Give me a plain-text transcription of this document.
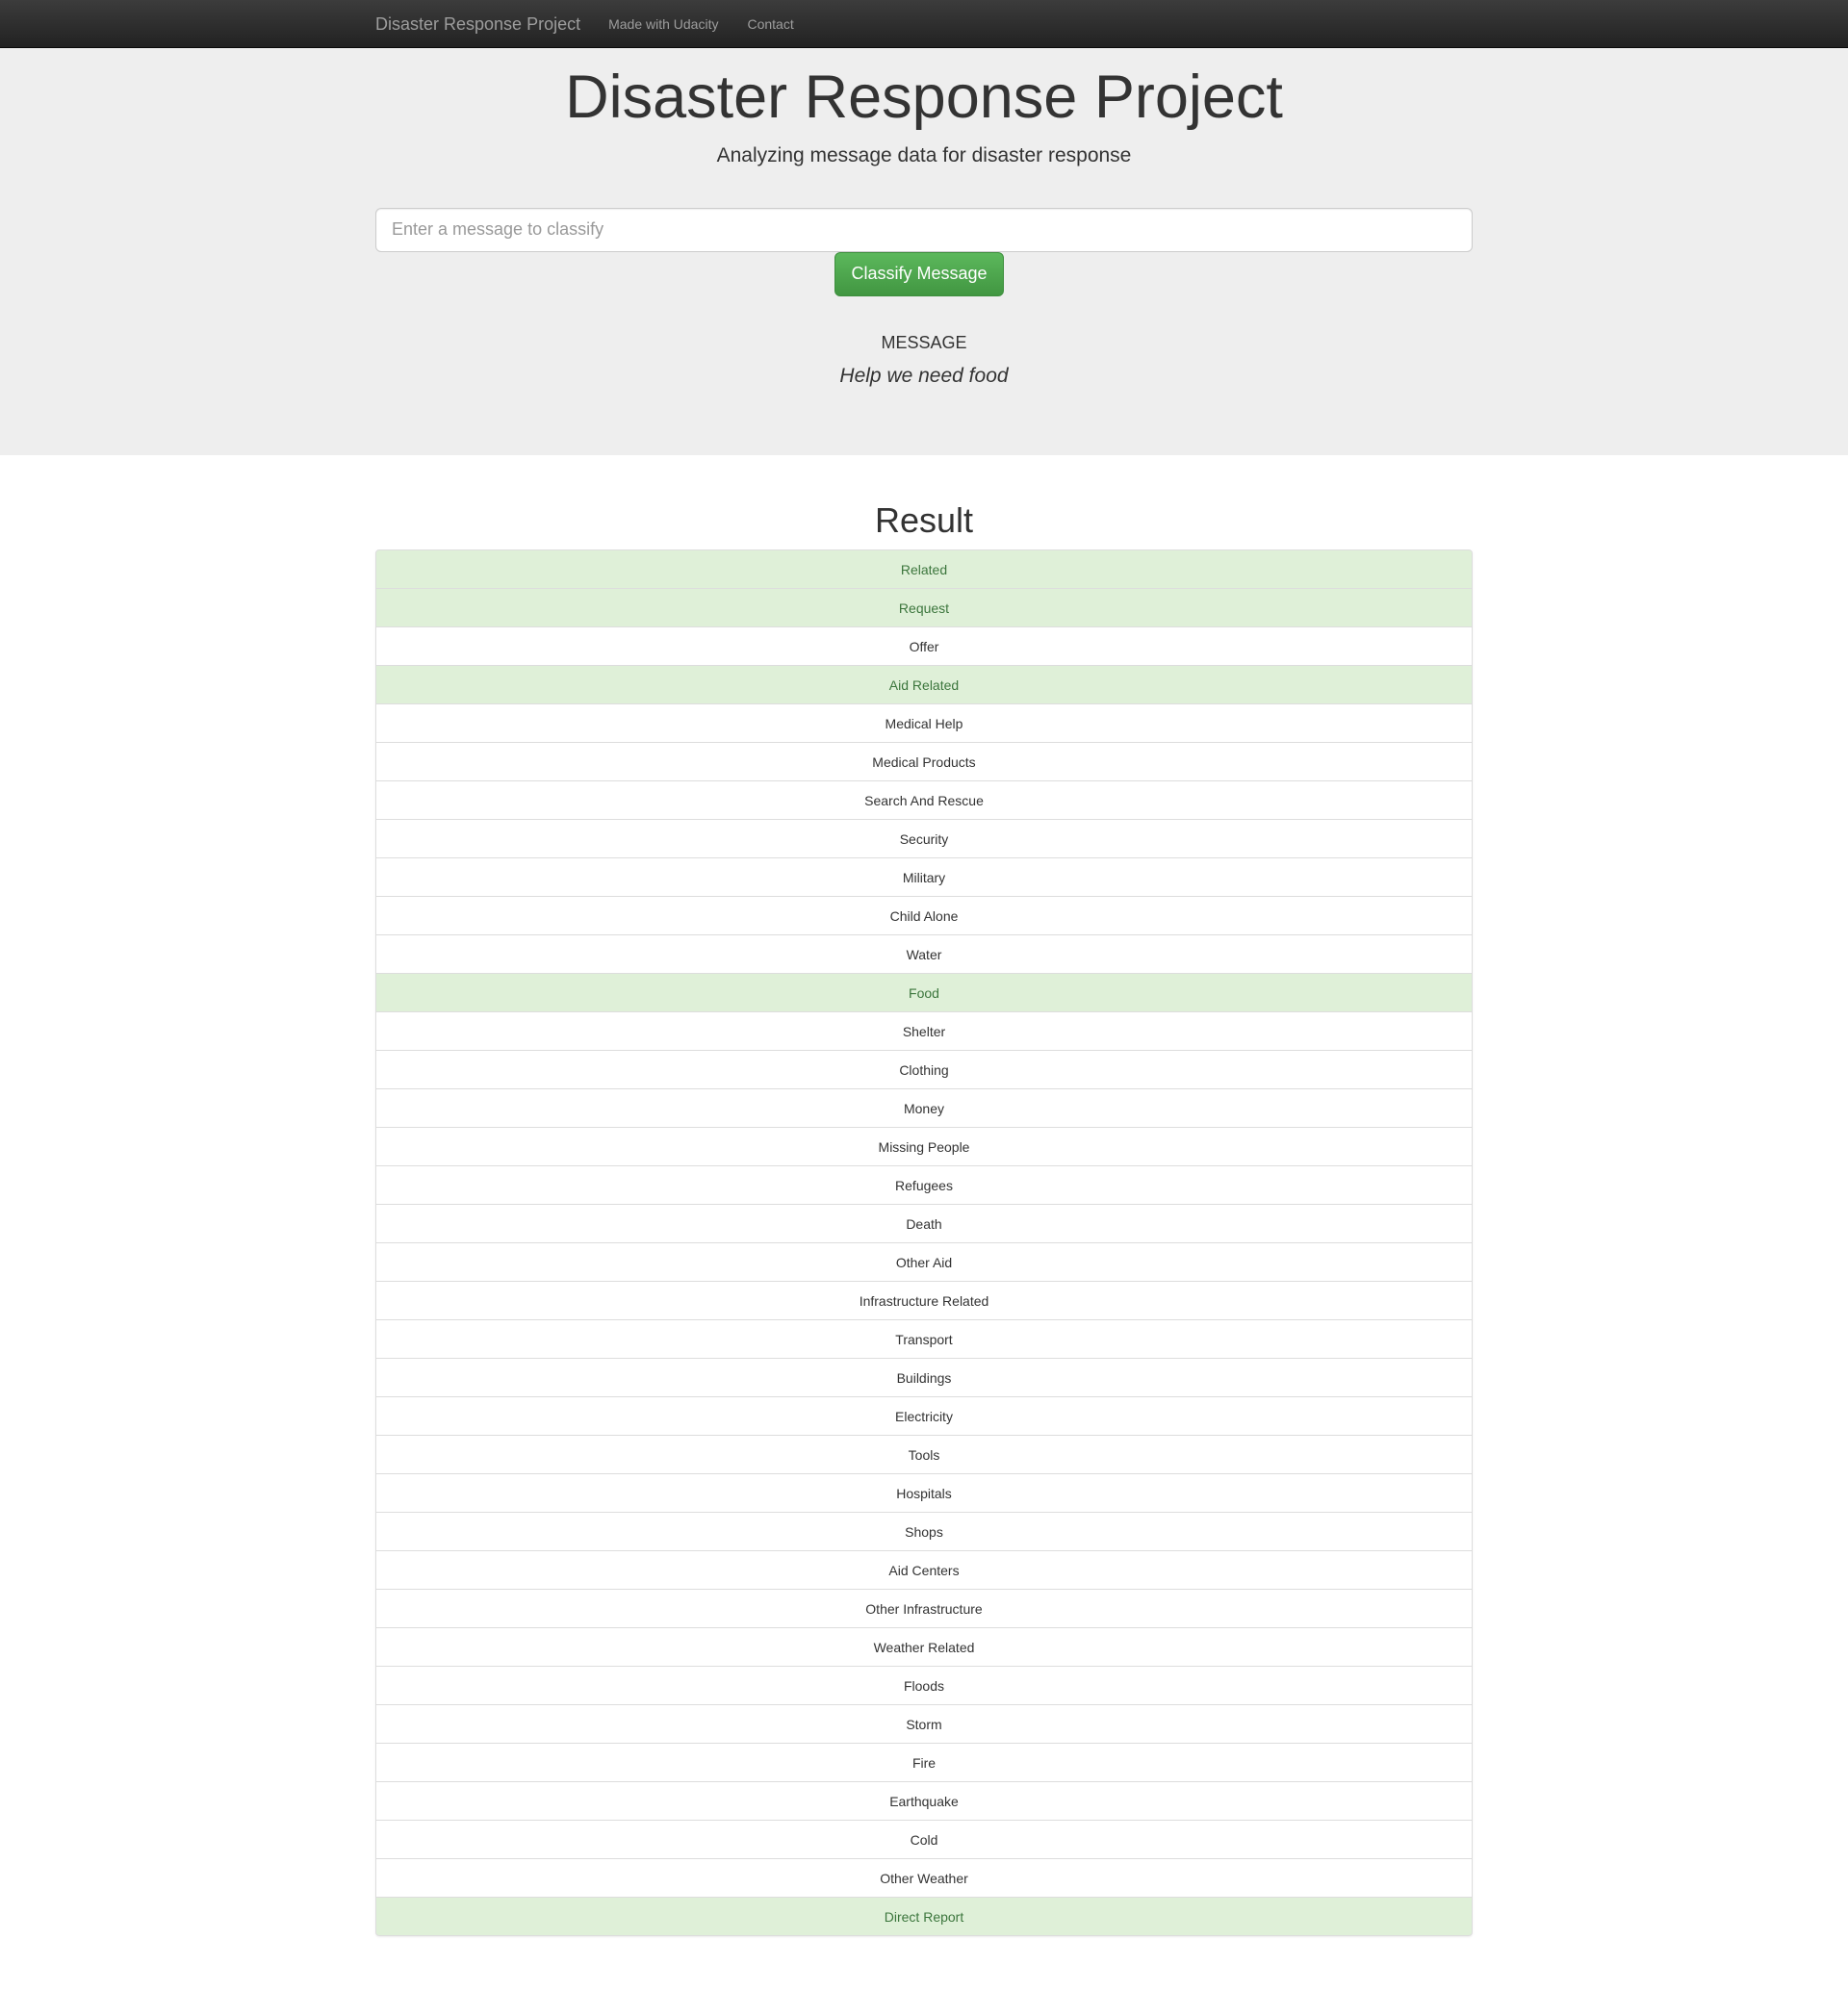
Disaster Response Project Made with Udacity Contact
Disaster Response Project

Analyzing message data for disaster response

Enter a message to classify Classify Message
MESSAGE
Help we need food
Result
Related
Request
Offer
Aid Related
Medical Help
Medical Products
Search And Rescue
Security
Military
Child Alone
Water
Food
Shelter
Clothing
Money
Missing People
Refugees
Death
Other Aid
Infrastructure Related
Transport
Buildings
Electricity
Tools
Hospitals
Shops
Aid Centers
Other Infrastructure
Weather Related
Floods
Storm
Fire
Earthquake
Cold
Other Weather
Direct Report
